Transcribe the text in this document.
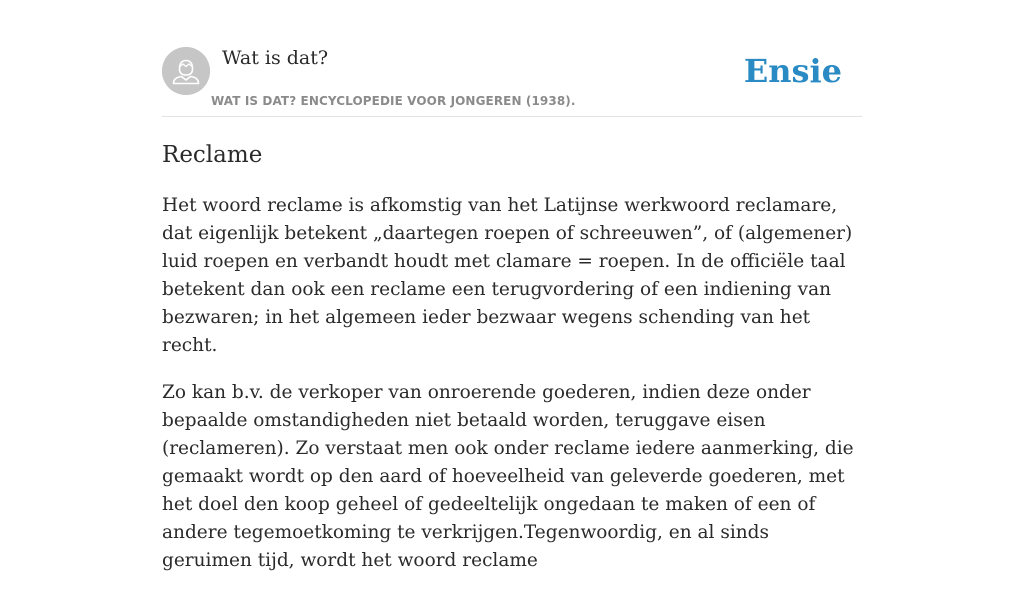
Wat is dat?
WAT IS DAT? ENCYCLOPEDIE VOOR JONGEREN (1938).
Ensie
Reclame

Het woord reclame is afkomstig van het Latijnse werkwoord reclamare, dat eigenlijk betekent „daartegen roepen of schreeuwen”, of (algemener) luid roepen en verbandt houdt met clamare = roepen. In de officiële taal betekent dan ook een reclame een terugvordering of een indiening van bezwaren; in het algemeen ieder bezwaar wegens schending van het recht.

Zo kan b.v. de verkoper van onroerende goederen, indien deze onder bepaalde omstandigheden niet betaald worden, teruggave eisen (reclameren). Zo verstaat men ook onder reclame iedere aanmerking, die gemaakt wordt op den aard of hoeveelheid van geleverde goederen, met het doel den koop geheel of gedeeltelijk ongedaan te maken of een of andere tegemoetkoming te verkrijgen.Tegenwoordig, en al sinds geruimen tijd, wordt het woord reclame
